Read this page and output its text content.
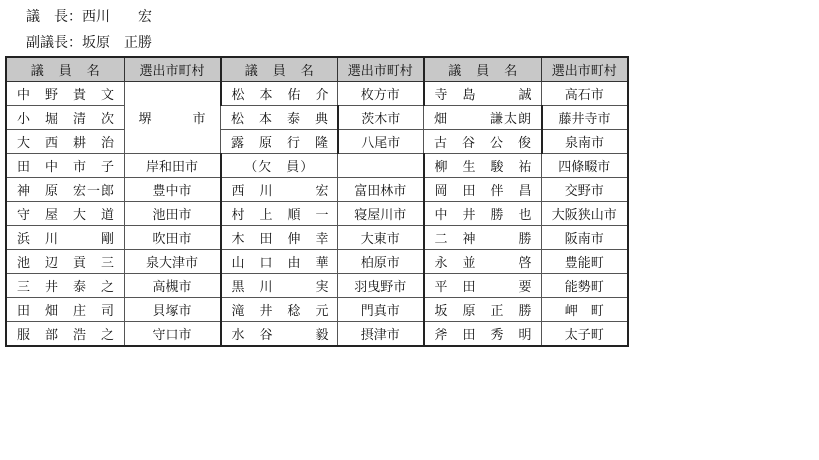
議　長：西川　　宏
副議長：坂原　正勝
議員名	選出市町村	議員名	選出市町村	議員名	選出市町村
中　野　貴　文	堺　市	松　本　佑　介	枚方市	寺　島　　　誠	高石市
小　堀　清　次		松　本　泰　典	茨木市	畑　　　謙太朗	藤井寺市
大　西　耕　治		露　原　行　隆	八尾市	古　谷　公　俊	泉南市
田　中　市　子	岸和田市	（欠　員）		柳　生　駿　祐	四條畷市
神　原　宏一郎	豊中市	西　川　　　宏	富田林市	岡　田　伴　昌	交野市
守　屋　大　道	池田市	村　上　順　一	寝屋川市	中　井　勝　也	大阪狭山市
浜　川　　　剛	吹田市	木　田　伸　幸	大東市	二　神　　　勝	阪南市
池　辺　貢　三	泉大津市	山　口　由　華	柏原市	永　並　　　啓	豊能町
三　井　泰　之	高槻市	黒　川　　　実	羽曳野市	平　田　　　要	能勢町
田　畑　庄　司	貝塚市	滝　井　稔　元	門真市	坂　原　正　勝	岬　町
服　部　浩　之	守口市	水　谷　　　毅	摂津市	斧　田　秀　明	太子町
